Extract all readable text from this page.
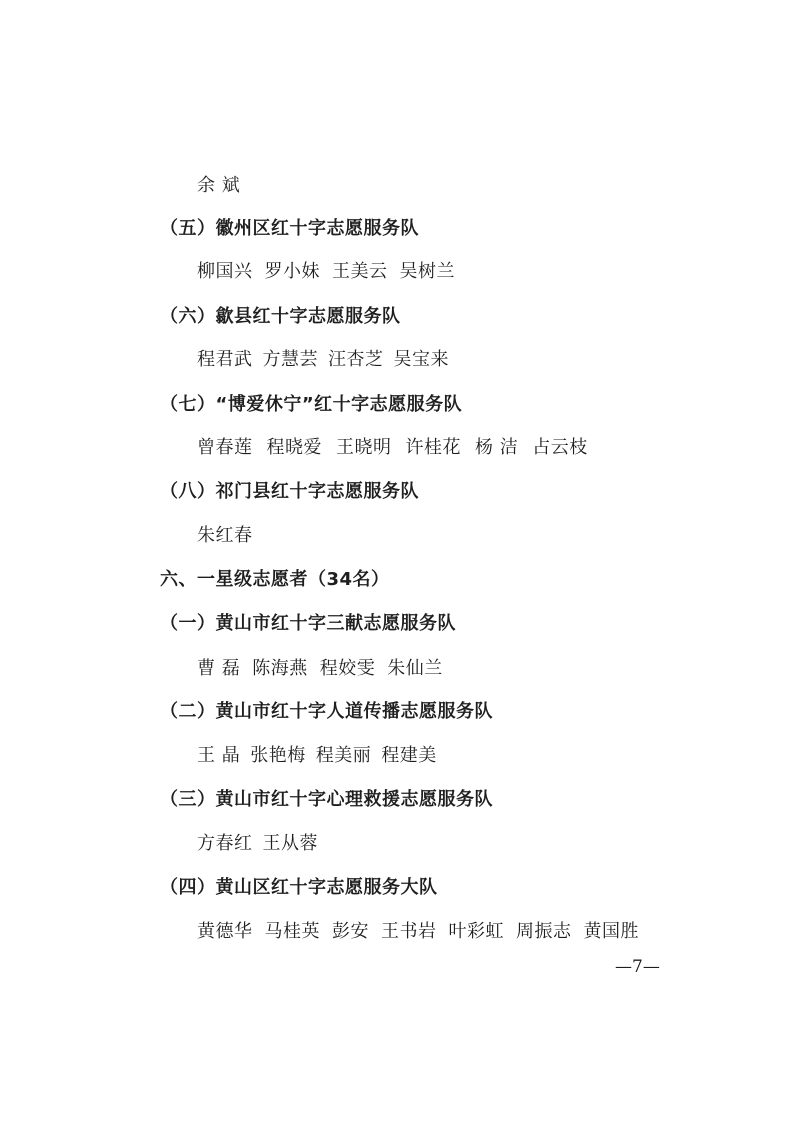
余 斌
（五）徽州区红十字志愿服务队
柳国兴 罗小妹 王美云 吴树兰
（六）歙县红十字志愿服务队
程君武 方慧芸 汪杏芝 吴宝来
（七）“博爱休宁”红十字志愿服务队
曾春莲 程晓爱 王晓明 许桂花 杨 洁 占云枝
（八）祁门县红十字志愿服务队
朱红春
六、一星级志愿者（34名）
（一）黄山市红十字三献志愿服务队
曹 磊 陈海燕 程姣雯 朱仙兰
（二）黄山市红十字人道传播志愿服务队
王 晶 张艳梅 程美丽 程建美
（三）黄山市红十字心理救援志愿服务队
方春红 王从蓉
（四）黄山区红十字志愿服务大队
黄德华 马桂英 彭安 王书岩 叶彩虹 周振志 黄国胜
—7—
